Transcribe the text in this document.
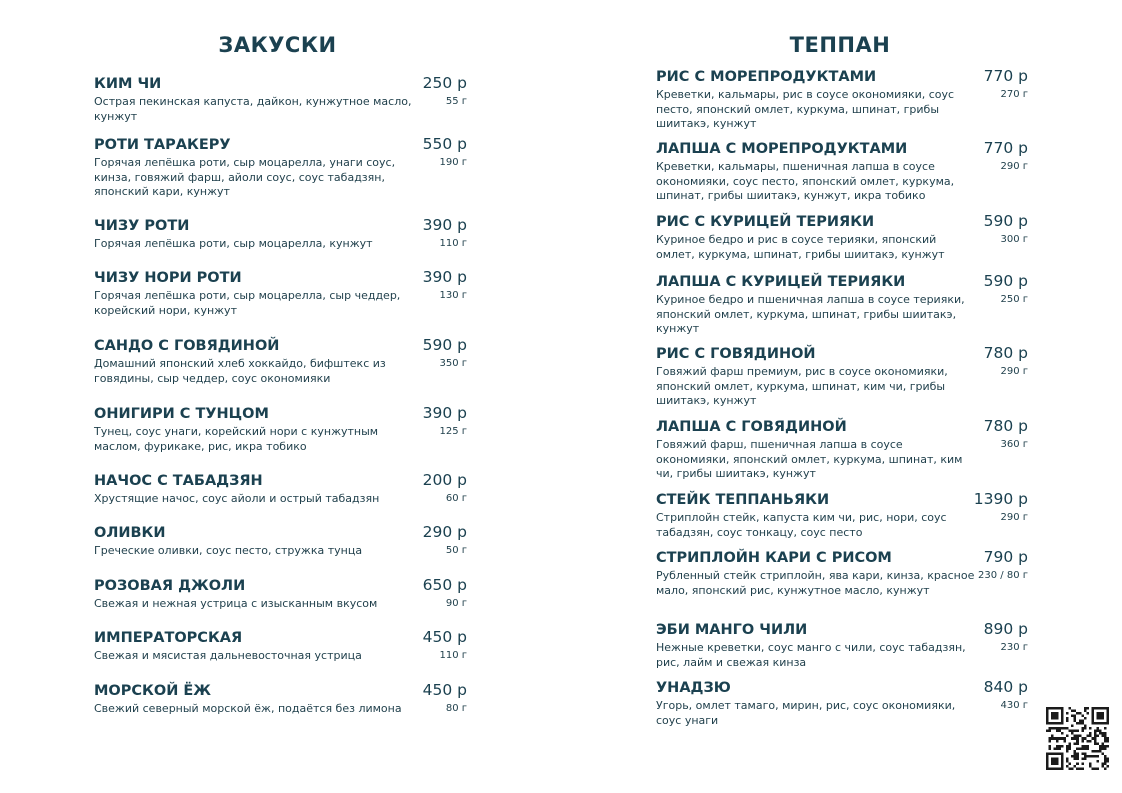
ЗАКУСКИ
КИМ ЧИ	250 р
Острая пекинская капуста, дайкон, кунжутное масло, кунжут
55 г
РОТИ ТАРАКЕРУ	550 р
Горячая лепёшка роти, сыр моцарелла, унаги соус, кинза, говяжий фарш, айоли соус, соус табадзян, японский кари, кунжут
190 г
ЧИЗУ РОТИ	390 р
Горячая лепёшка роти, сыр моцарелла, кунжут	110 г
ЧИЗУ НОРИ РОТИ	390 р
Горячая лепёшка роти, сыр моцарелла, сыр чеддер, корейский нори, кунжут
130 г
САНДО С ГОВЯДИНОЙ	590 р
Домашний японский хлеб хоккайдо, бифштекс из говядины, сыр чеддер, соус окономияки
350 г
ОНИГИРИ С ТУНЦОМ	390 р
Тунец, соус унаги, корейский нори с кунжутным маслом, фурикаке, рис, икра тобико
125 г
НАЧОС С ТАБАДЗЯН	200 р
Хрустящие начос, соус айоли и острый табадзян	60 г
ОЛИВКИ	290 р
Греческие оливки, соус песто, стружка тунца	50 г
РОЗОВАЯ ДЖОЛИ	650 р
Свежая и нежная устрица с изысканным вкусом	90 г
ИМПЕРАТОРСКАЯ	450 р
Свежая и мясистая дальневосточная устрица	110 г
МОРСКОЙ ЁЖ	450 р
Свежий северный морской ёж, подаётся без лимона	80 г
ТЕППАН
РИС С МОРЕПРОДУКТАМИ	770 р
Креветки, кальмары, рис в соусе окономияки, соус песто, японский омлет, куркума, шпинат, грибы шиитакэ, кунжут
270 г
ЛАПША С МОРЕПРОДУКТАМИ	770 р
Креветки, кальмары, пшеничная лапша в соусе окономияки, соус песто, японский омлет, куркума, шпинат, грибы шиитакэ, кунжут, икра тобико
290 г
РИС С КУРИЦЕЙ ТЕРИЯКИ	590 р
Куриное бедро и рис в соусе терияки, японский омлет, куркума, шпинат, грибы шиитакэ, кунжут
300 г
ЛАПША С КУРИЦЕЙ ТЕРИЯКИ	590 р
Куриное бедро и пшеничная лапша в соусе терияки, японский омлет, куркума, шпинат, грибы шиитакэ, кунжут
250 г
РИС С ГОВЯДИНОЙ	780 р
Говяжий фарш премиум, рис в соусе окономияки, японский омлет, куркума, шпинат, ким чи, грибы шиитакэ, кунжут
290 г
ЛАПША С ГОВЯДИНОЙ	780 р
Говяжий фарш, пшеничная лапша в соусе окономияки, японский омлет, куркума, шпинат, ким чи, грибы шиитакэ, кунжут
360 г
СТЕЙК ТЕППАНЬЯКИ	1390 р
Стриплойн стейк, капуста ким чи, рис, нори, соус табадзян, соус тонкацу, соус песто
290 г
СТРИПЛОЙН КАРИ С РИСОМ	790 р
Рубленный стейк стриплойн, ява кари, кинза, красное мало, японский рис, кунжутное масло, кунжут
230 / 80 г
ЭБИ МАНГО ЧИЛИ	890 р
Нежные креветки, соус манго с чили, соус табадзян, рис, лайм и свежая кинза
230 г
УНАДЗЮ	840 р
Угорь, омлет тамаго, мирин, рис, соус окономияки, соус унаги
430 г
